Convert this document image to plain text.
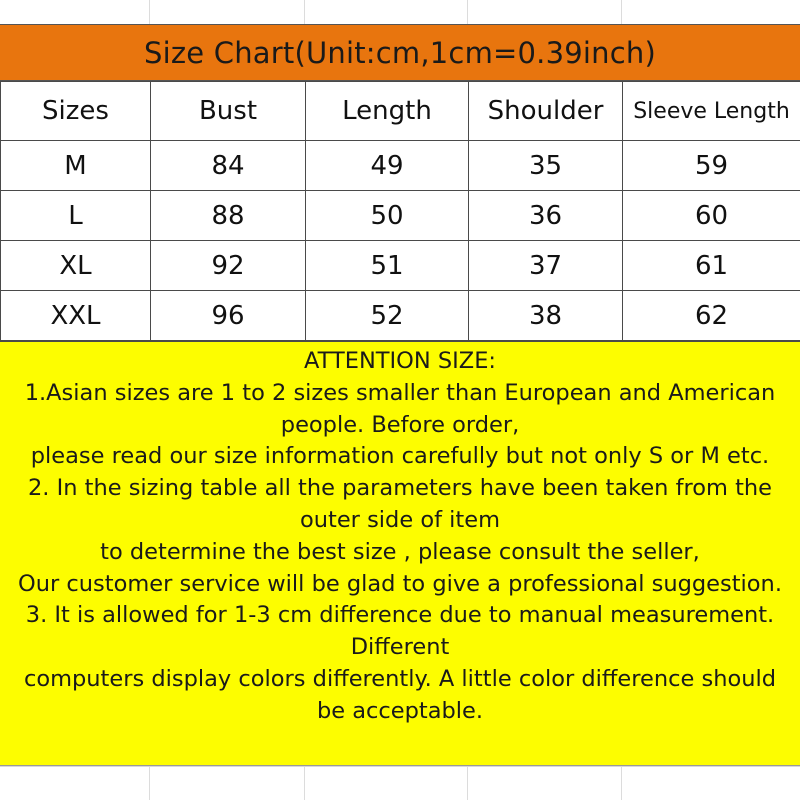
Size Chart(Unit:cm,1cm=0.39inch)
Sizes	Bust	Length	Shoulder	Sleeve Length
M	84	49	35	59
L	88	50	36	60
XL	92	51	37	61
XXL	96	52	38	62
ATTENTION SIZE:
1.Asian sizes are 1 to 2 sizes smaller than European and American
people. Before order,
please read our size information carefully but not only S or M etc.
2. In the sizing table all the parameters have been taken from the
outer side of item
to determine the best size , please consult the seller,
Our customer service will be glad to give a professional suggestion.
3. It is allowed for 1-3 cm difference due to manual measurement.
Different
computers display colors differently. A little color difference should
be acceptable.
